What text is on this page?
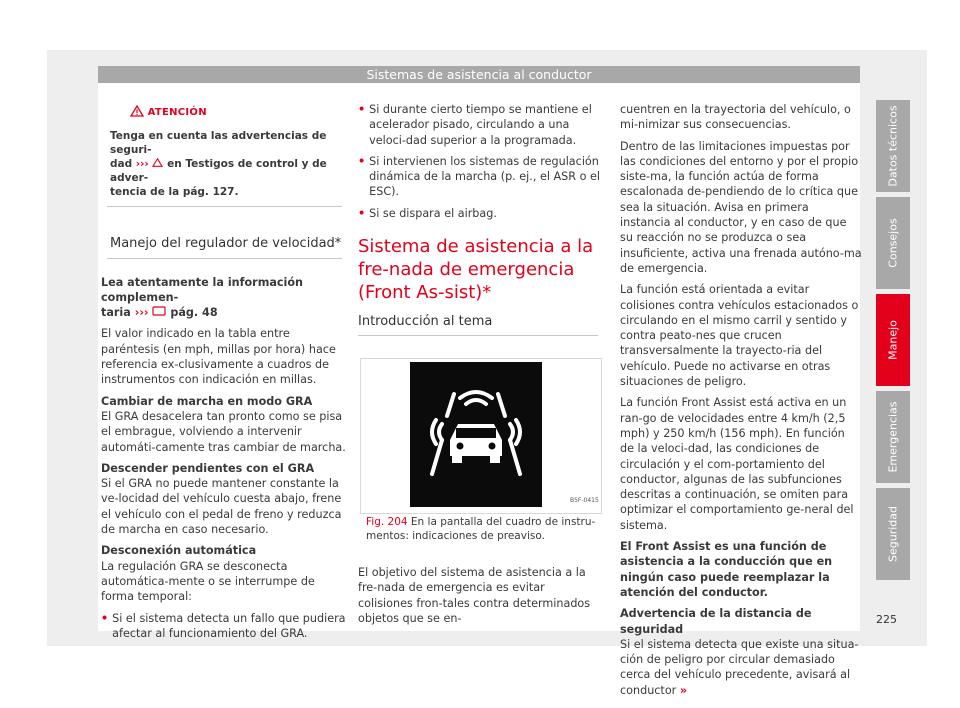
Sistemas de asistencia al conductor
ATENCIÓN
Tenga en cuenta las advertencias de seguri-
dad ›››  en Testigos de control y de adver-
tencia de la pág. 127.
Manejo del regulador de velocidad*

Lea atentamente la información complemen-
taria ›››  pág. 48

El valor indicado en la tabla entre paréntesis (en mph, millas por hora) hace referencia ex-clusivamente a cuadros de instrumentos con indicación en millas.

Cambiar de marcha en modo GRA

El GRA desacelera tan pronto como se pisa el embrague, volviendo a intervenir automáti-camente tras cambiar de marcha.

Descender pendientes con el GRA

Si el GRA no puede mantener constante la ve-locidad del vehículo cuesta abajo, frene el vehículo con el pedal de freno y reduzca de marcha en caso necesario.

Desconexión automática

La regulación GRA se desconecta automática-mente o se interrumpe de forma temporal:

• Si el sistema detecta un fallo que pudiera afectar al funcionamiento del GRA.

• Si durante cierto tiempo se mantiene el acelerador pisado, circulando a una veloci-dad superior a la programada.

• Si intervienen los sistemas de regulación dinámica de la marcha (p. ej., el ASR o el ESC).

• Si se dispara el airbag.

Sistema de asistencia a la fre-nada de emergencia (Front As-sist)*
Introducción al tema
B5F-0415
Fig. 204 En la pantalla del cuadro de instru-mentos: indicaciones de preaviso.

El objetivo del sistema de asistencia a la fre-nada de emergencia es evitar colisiones fron-tales contra determinados objetos que se en-

cuentren en la trayectoria del vehículo, o mi-nimizar sus consecuencias.

Dentro de las limitaciones impuestas por las condiciones del entorno y por el propio siste-ma, la función actúa de forma escalonada de-pendiendo de lo crítica que sea la situación. Avisa en primera instancia al conductor, y en caso de que su reacción no se produzca o sea insuficiente, activa una frenada autóno-ma de emergencia.

La función está orientada a evitar colisiones contra vehículos estacionados o circulando en el mismo carril y sentido y contra peato-nes que crucen transversalmente la trayecto-ria del vehículo. Puede no activarse en otras situaciones de peligro.

La función Front Assist está activa en un ran-go de velocidades entre 4 km/h (2,5 mph) y 250 km/h (156 mph). En función de la veloci-dad, las condiciones de circulación y el com-portamiento del conductor, algunas de las subfunciones descritas a continuación, se omiten para optimizar el comportamiento ge-neral del sistema.

El Front Assist es una función de asistencia a la conducción que en ningún caso puede reemplazar la atención del conductor.

Advertencia de la distancia de seguridad

Si el sistema detecta que existe una situa-ción de peligro por circular demasiado cerca del vehículo precedente, avisará al conductor »

Datos técnicos
Consejos
Manejo
Emergencias
Seguridad
225
